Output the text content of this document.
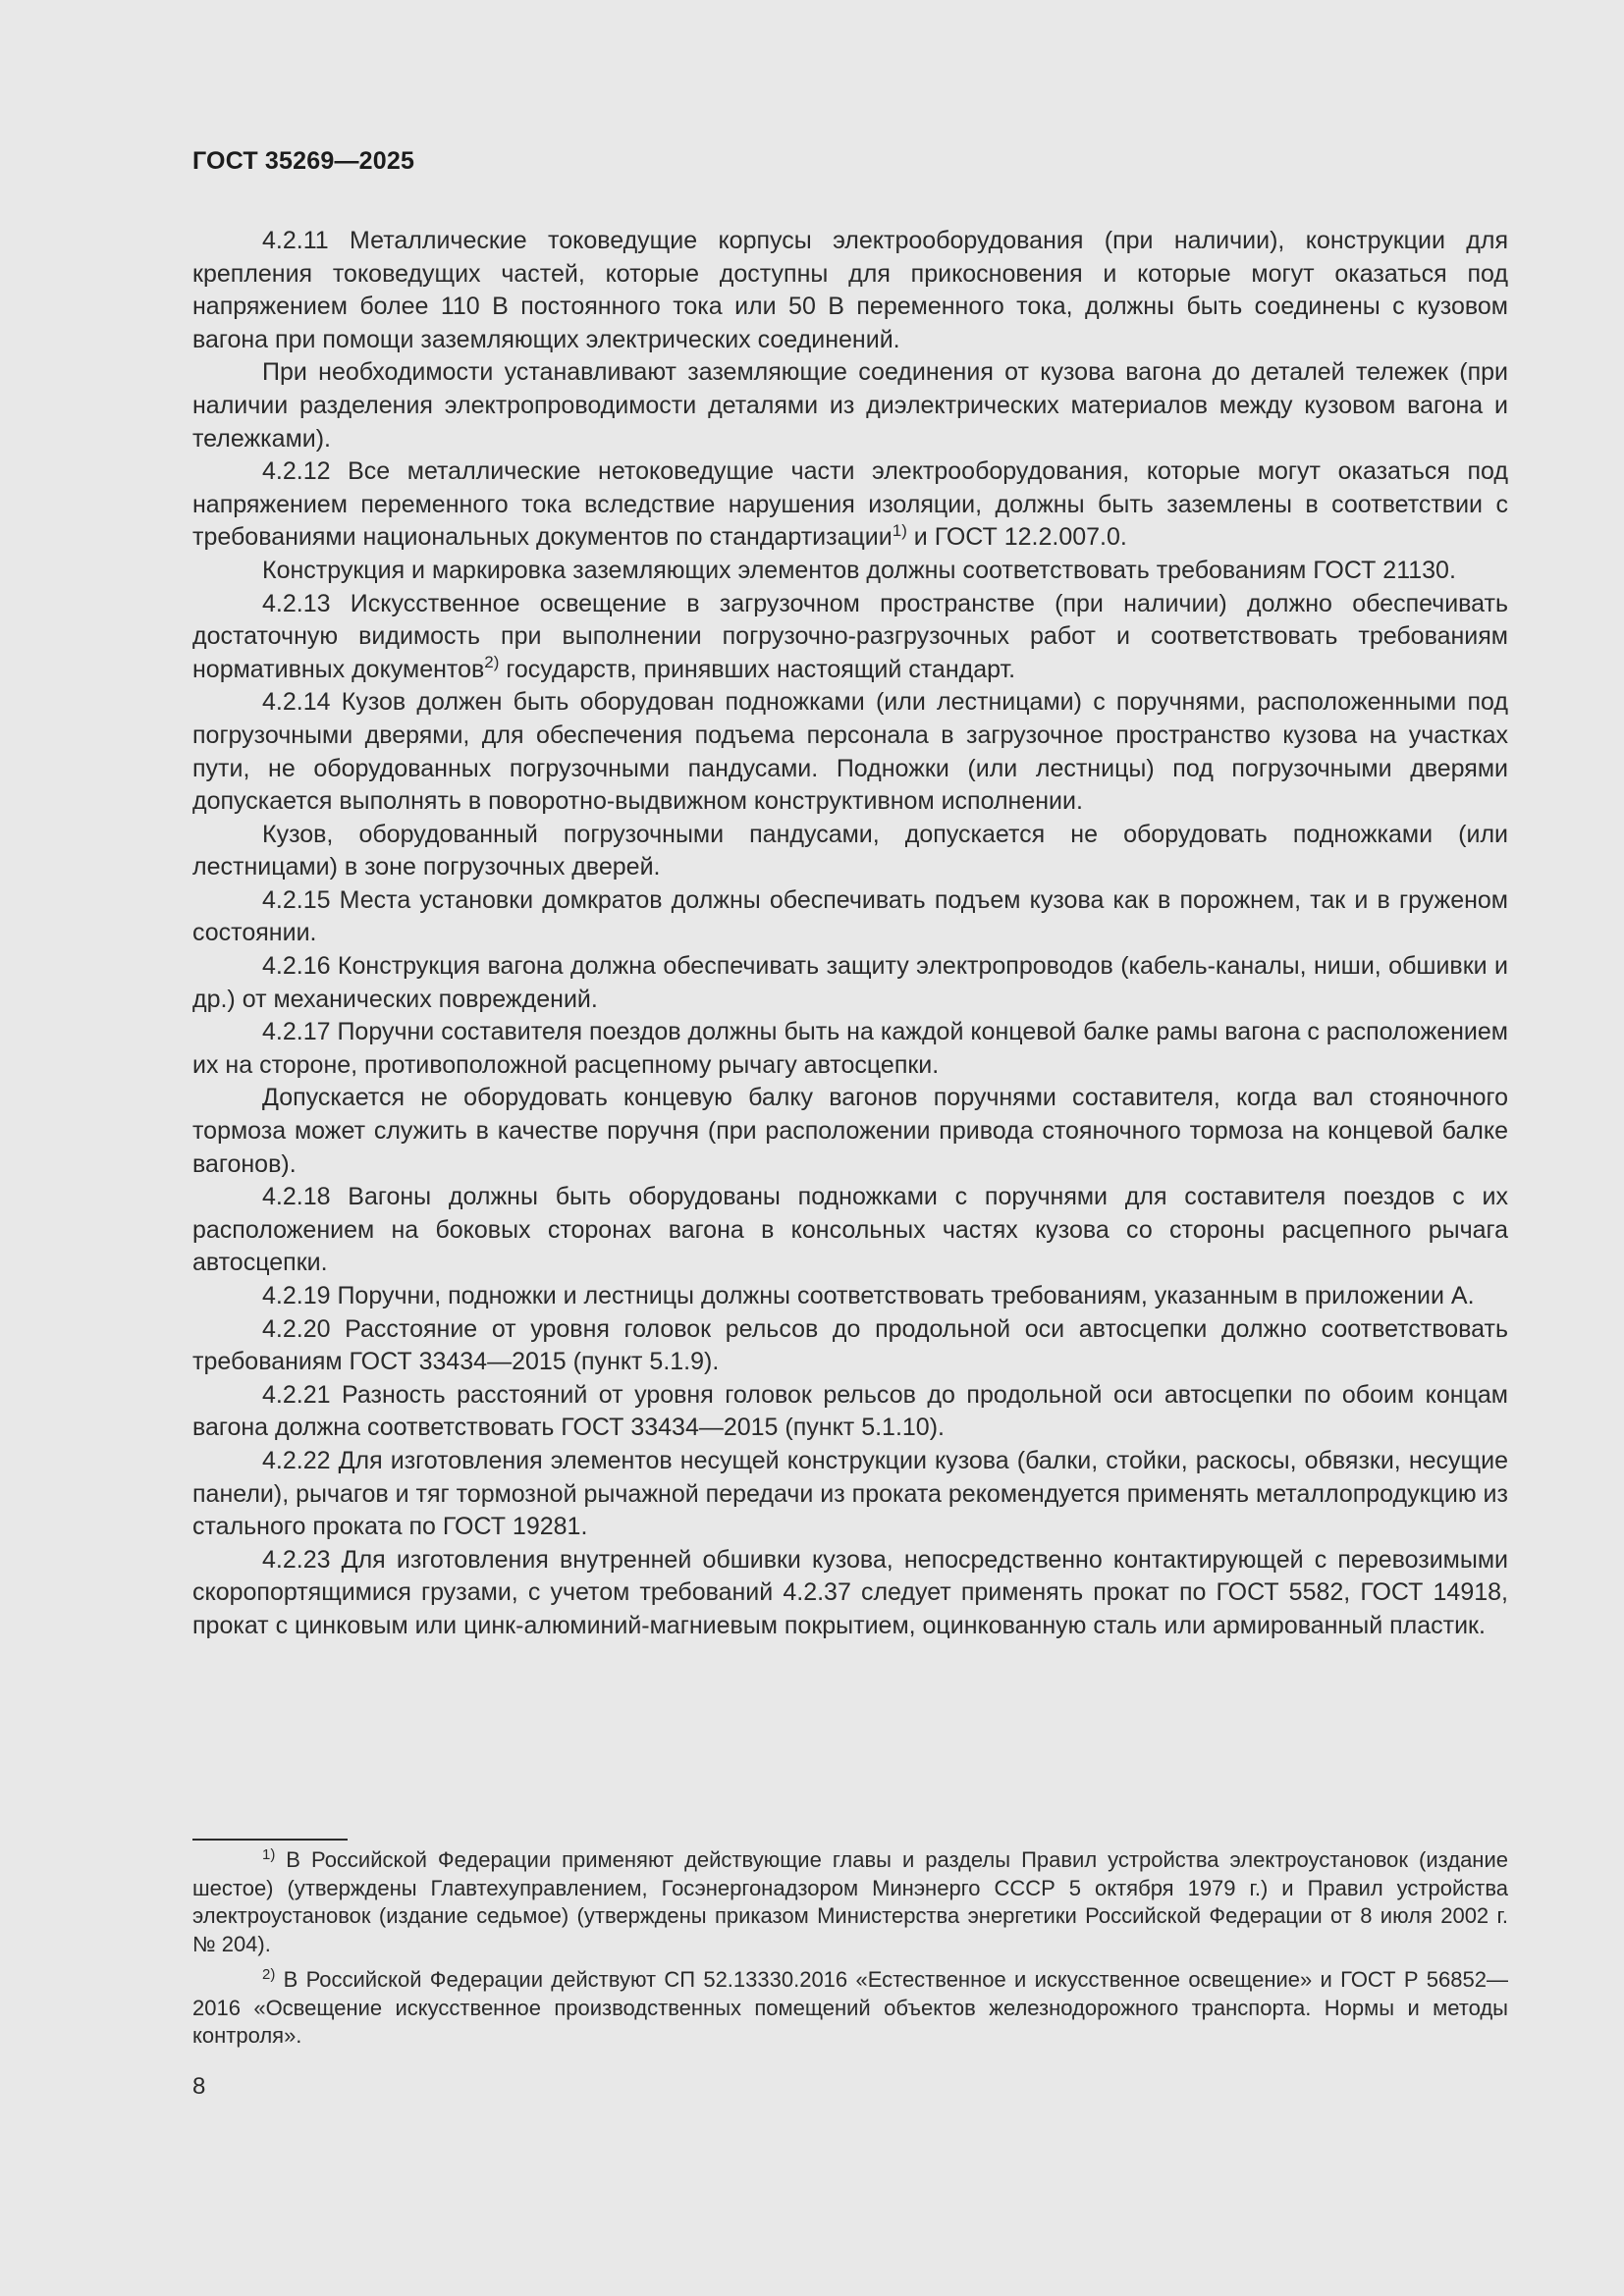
ГОСТ 35269—2025

4.2.11 Металлические токоведущие корпусы электрооборудования (при наличии), конструкции для крепления токоведущих частей, которые доступны для прикосновения и которые могут оказаться под напряжением более 110 В постоянного тока или 50 В переменного тока, должны быть соединены с кузовом вагона при помощи заземляющих электрических соединений.

При необходимости устанавливают заземляющие соединения от кузова вагона до деталей тележек (при наличии разделения электропроводимости деталями из диэлектрических материалов между кузовом вагона и тележками).

4.2.12 Все металлические нетоковедущие части электрооборудования, которые могут оказаться под напряжением переменного тока вследствие нарушения изоляции, должны быть заземлены в соответствии с требованиями национальных документов по стандартизации$^{1)}$ и ГОСТ 12.2.007.0.

Конструкция и маркировка заземляющих элементов должны соответствовать требованиям ГОСТ 21130.

4.2.13 Искусственное освещение в загрузочном пространстве (при наличии) должно обеспечивать достаточную видимость при выполнении погрузочно-разгрузочных работ и соответствовать требованиям нормативных документов$^{2)}$ государств, принявших настоящий стандарт.

4.2.14 Кузов должен быть оборудован подножками (или лестницами) с поручнями, расположенными под погрузочными дверями, для обеспечения подъема персонала в загрузочное пространство кузова на участках пути, не оборудованных погрузочными пандусами. Подножки (или лестницы) под погрузочными дверями допускается выполнять в поворотно-выдвижном конструктивном исполнении.

Кузов, оборудованный погрузочными пандусами, допускается не оборудовать подножками (или лестницами) в зоне погрузочных дверей.

4.2.15 Места установки домкратов должны обеспечивать подъем кузова как в порожнем, так и в груженом состоянии.

4.2.16 Конструкция вагона должна обеспечивать защиту электропроводов (кабель-каналы, ниши, обшивки и др.) от механических повреждений.

4.2.17 Поручни составителя поездов должны быть на каждой концевой балке рамы вагона с расположением их на стороне, противоположной расцепному рычагу автосцепки.

Допускается не оборудовать концевую балку вагонов поручнями составителя, когда вал стояночного тормоза может служить в качестве поручня (при расположении привода стояночного тормоза на концевой балке вагонов).

4.2.18 Вагоны должны быть оборудованы подножками с поручнями для составителя поездов с их расположением на боковых сторонах вагона в консольных частях кузова со стороны расцепного рычага автосцепки.

4.2.19 Поручни, подножки и лестницы должны соответствовать требованиям, указанным в приложении А.

4.2.20 Расстояние от уровня головок рельсов до продольной оси автосцепки должно соответствовать требованиям ГОСТ 33434—2015 (пункт 5.1.9).

4.2.21 Разность расстояний от уровня головок рельсов до продольной оси автосцепки по обоим концам вагона должна соответствовать ГОСТ 33434—2015 (пункт 5.1.10).

4.2.22 Для изготовления элементов несущей конструкции кузова (балки, стойки, раскосы, обвязки, несущие панели), рычагов и тяг тормозной рычажной передачи из проката рекомендуется применять металлопродукцию из стального проката по ГОСТ 19281.

4.2.23 Для изготовления внутренней обшивки кузова, непосредственно контактирующей с перевозимыми скоропортящимися грузами, с учетом требований 4.2.37 следует применять прокат по ГОСТ 5582, ГОСТ 14918, прокат с цинковым или цинк-алюминий-магниевым покрытием, оцинкованную сталь или армированный пластик.

$^{1)}$ В Российской Федерации применяют действующие главы и разделы Правил устройства электроустановок (издание шестое) (утверждены Главтехуправлением, Госэнергонадзором Минэнерго СССР 5 октября 1979 г.) и Правил устройства электроустановок (издание седьмое) (утверждены приказом Министерства энергетики Российской Федерации от 8 июля 2002 г. № 204).

$^{2)}$ В Российской Федерации действуют СП 52.13330.2016 «Естественное и искусственное освещение» и ГОСТ Р 56852—2016 «Освещение искусственное производственных помещений объектов железнодорожного транспорта. Нормы и методы контроля».

8
